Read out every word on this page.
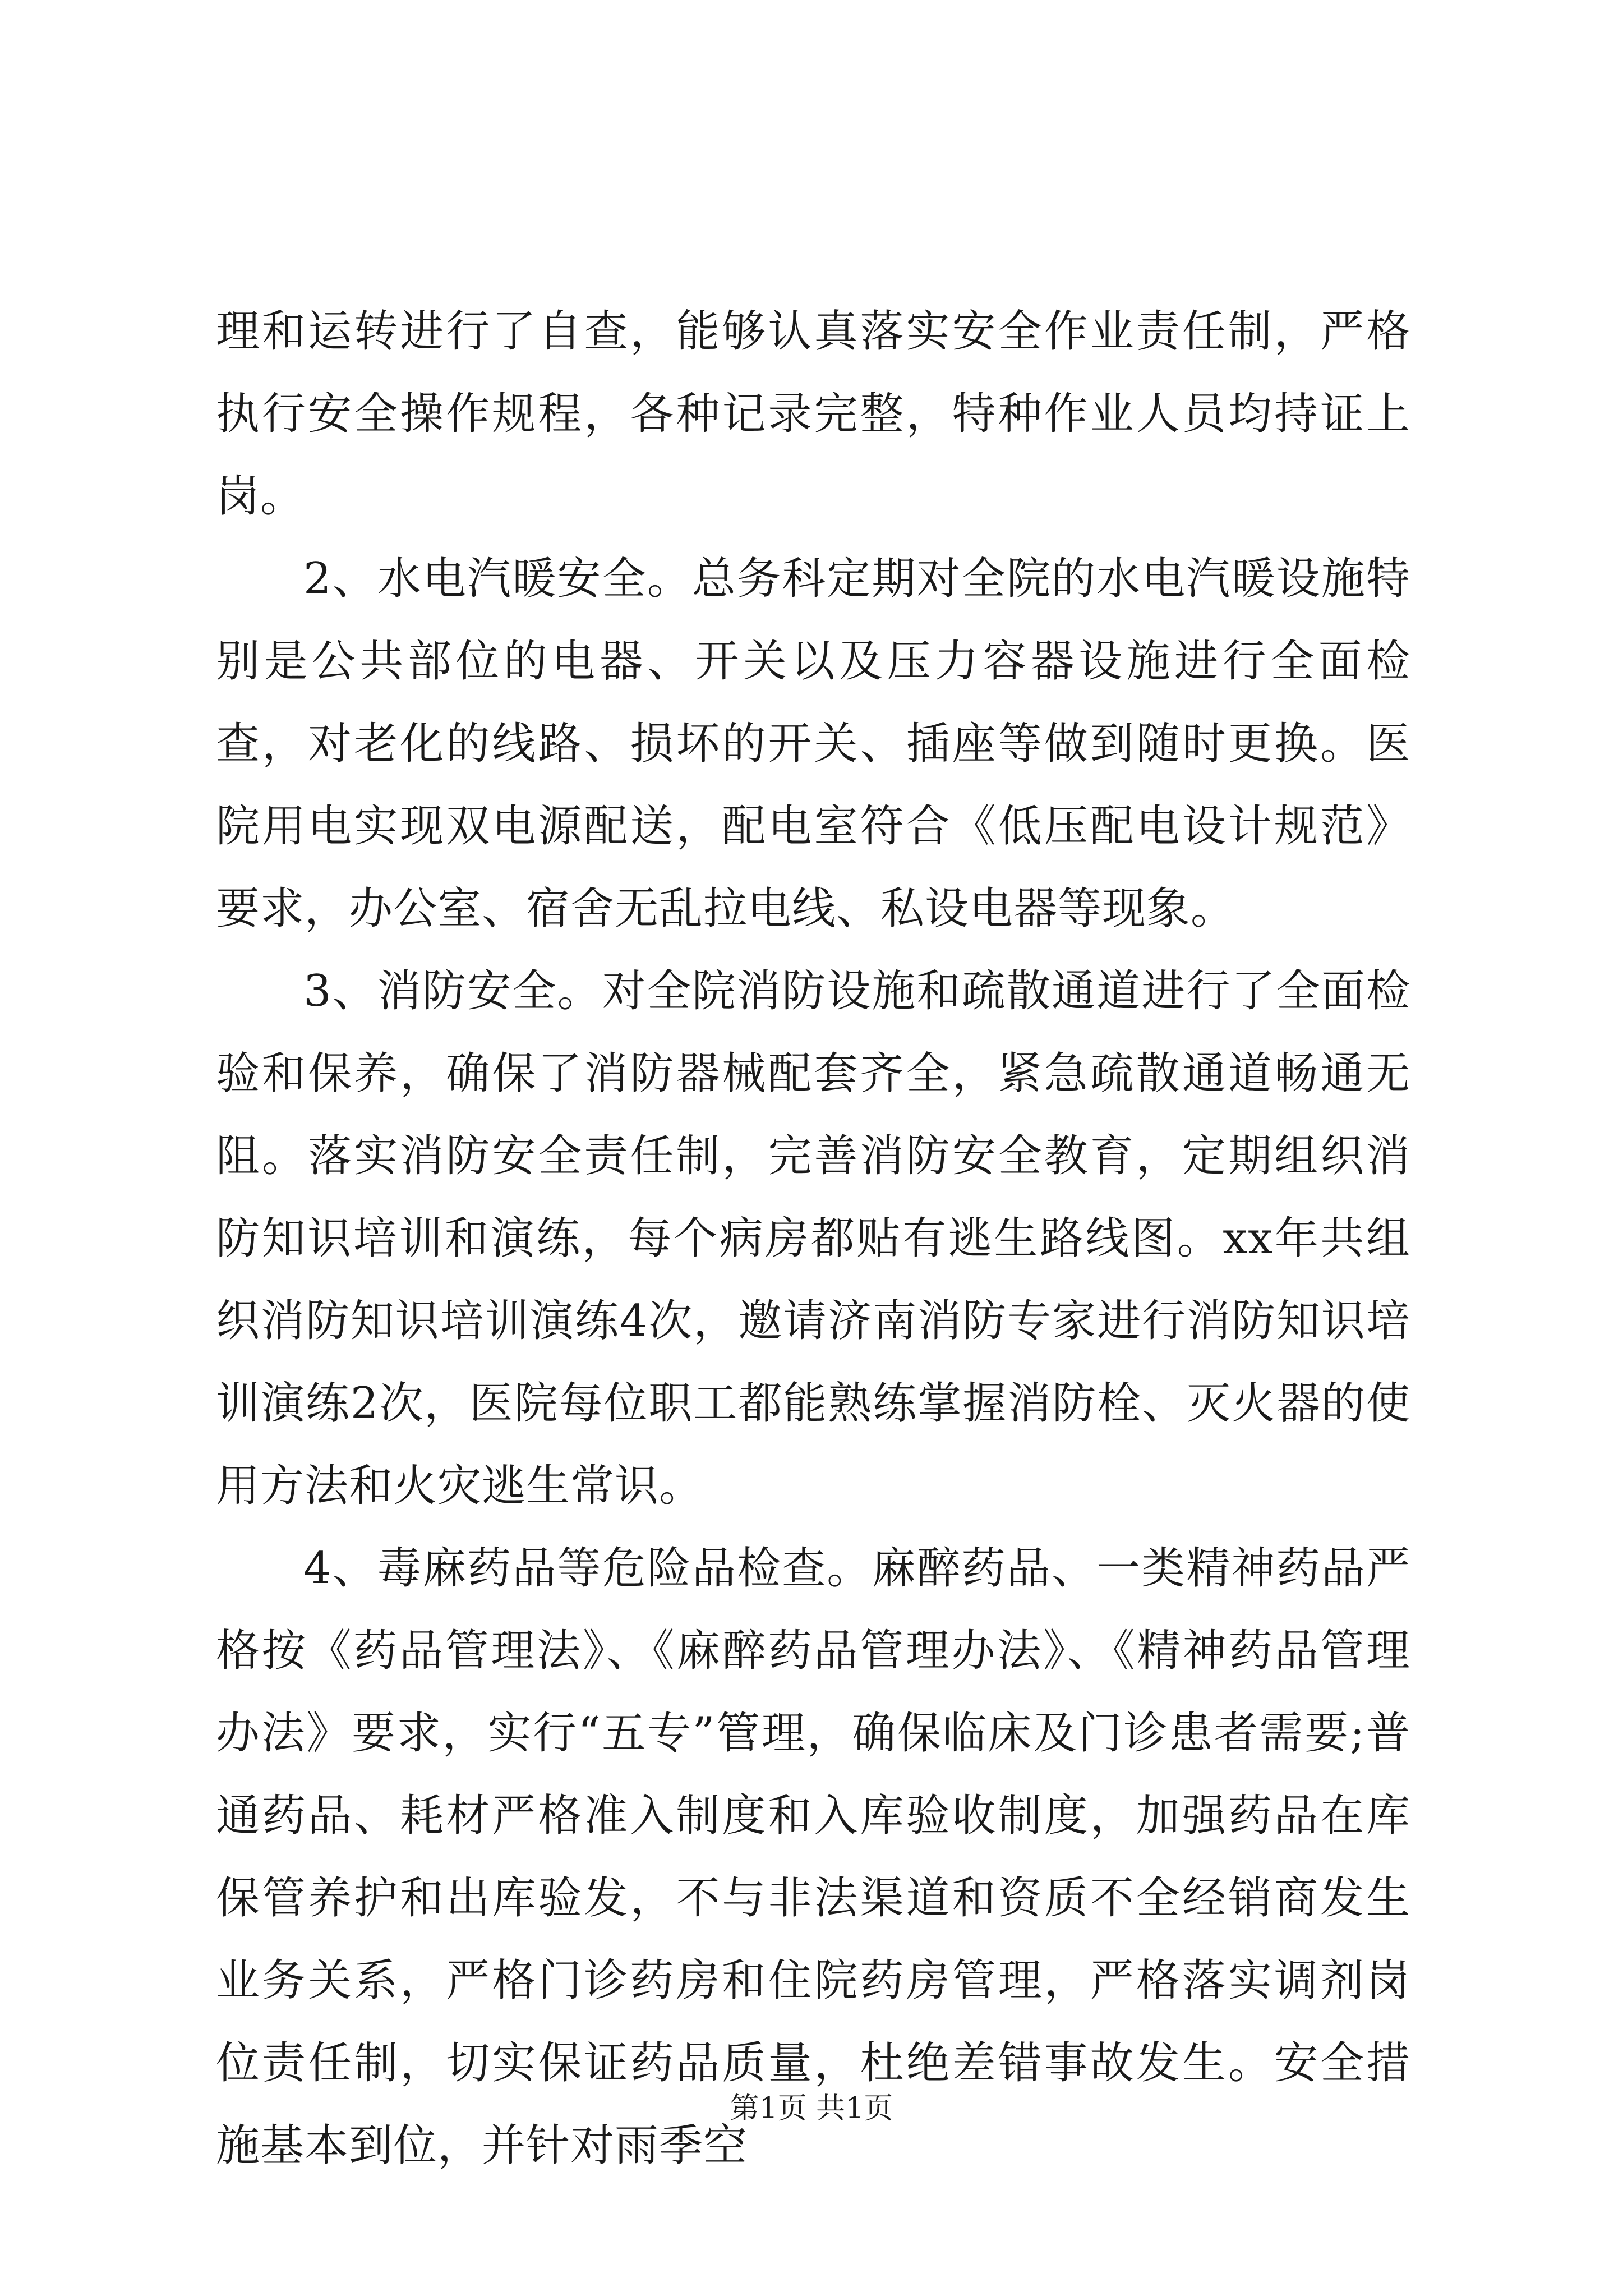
理和运转进行了自查，能够认真落实安全作业责任制，严格执行安全操作规程，各种记录完整，特种作业人员均持证上岗。

2、水电汽暖安全。总务科定期对全院的水电汽暖设施特别是公共部位的电器、开关以及压力容器设施进行全面检查，对老化的线路、损坏的开关、插座等做到随时更换。医院用电实现双电源配送，配电室符合《低压配电设计规范》要求，办公室、宿舍无乱拉电线、私设电器等现象。

3、消防安全。对全院消防设施和疏散通道进行了全面检验和保养，确保了消防器械配套齐全，紧急疏散通道畅通无阻。落实消防安全责任制，完善消防安全教育，定期组织消防知识培训和演练，每个病房都贴有逃生路线图。xx年共组织消防知识培训演练4次，邀请济南消防专家进行消防知识培训演练2次，医院每位职工都能熟练掌握消防栓、灭火器的使用方法和火灾逃生常识。

4、毒麻药品等危险品检查。麻醉药品、一类精神药品严格按《药品管理法》、《麻醉药品管理办法》、《精神药品管理办法》要求，实行“五专”管理，确保临床及门诊患者需要;普通药品、耗材严格准入制度和入库验收制度，加强药品在库保管养护和出库验发，不与非法渠道和资质不全经销商发生业务关系，严格门诊药房和住院药房管理，严格落实调剂岗位责任制，切实保证药品质量，杜绝差错事故发生。安全措施基本到位，并针对雨季空

第1页 共1页
